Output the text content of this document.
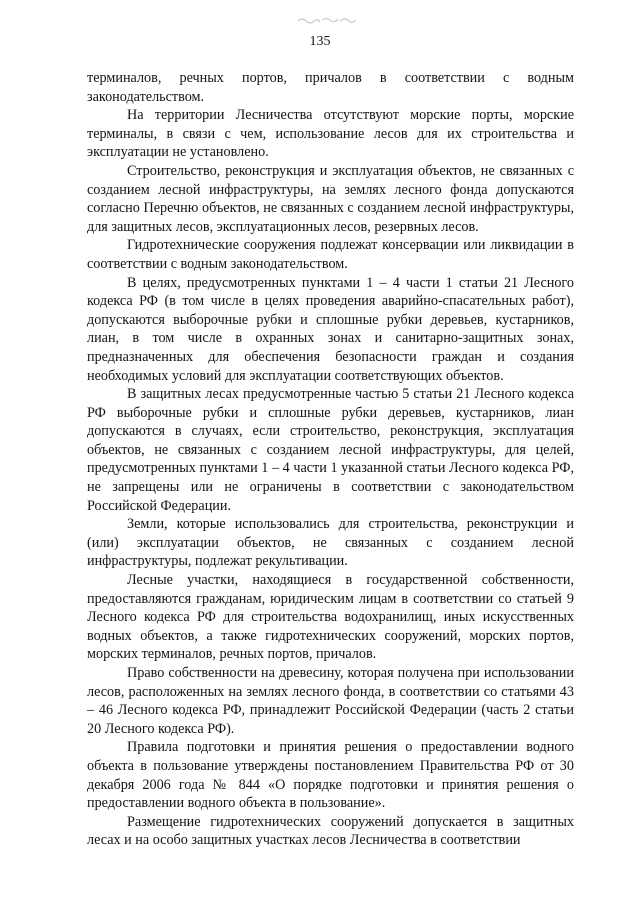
135

терминалов, речных портов, причалов в соответствии с водным законодательством.

На территории Лесничества отсутствуют морские порты, морские терминалы, в связи с чем, использование лесов для их строительства и эксплуатации не установлено.

Строительство, реконструкция и эксплуатация объектов, не связанных с созданием лесной инфраструктуры, на землях лесного фонда допускаются согласно Перечню объектов, не связанных с созданием лесной инфраструктуры, для защитных лесов, эксплуатационных лесов, резервных лесов.

Гидротехнические сооружения подлежат консервации или ликвидации в соответствии с водным законодательством.

В целях, предусмотренных пунктами 1 – 4 части 1 статьи 21 Лесного кодекса РФ (в том числе в целях проведения аварийно-спасательных работ), допускаются выборочные рубки и сплошные рубки деревьев, кустарников, лиан, в том числе в охранных зонах и санитарно-защитных зонах, предназначенных для обеспечения безопасности граждан и создания необходимых условий для эксплуатации соответствующих объектов.

В защитных лесах предусмотренные частью 5 статьи 21 Лесного кодекса РФ выборочные рубки и сплошные рубки деревьев, кустарников, лиан допускаются в случаях, если строительство, реконструкция, эксплуатация объектов, не связанных с созданием лесной инфраструктуры, для целей, предусмотренных пунктами 1 – 4 части 1 указанной статьи Лесного кодекса РФ, не запрещены или не ограничены в соответствии с законодательством Российской Федерации.

Земли, которые использовались для строительства, реконструкции и (или) эксплуатации объектов, не связанных с созданием лесной инфраструктуры, подлежат рекультивации.

Лесные участки, находящиеся в государственной собственности, предоставляются гражданам, юридическим лицам в соответствии со статьей 9 Лесного кодекса РФ для строительства водохранилищ, иных искусственных водных объектов, а также гидротехнических сооружений, морских портов, морских терминалов, речных портов, причалов.

Право собственности на древесину, которая получена при использовании лесов, расположенных на землях лесного фонда, в соответствии со статьями 43 – 46 Лесного кодекса РФ, принадлежит Российской Федерации (часть 2 статьи 20 Лесного кодекса РФ).

Правила подготовки и принятия решения о предоставлении водного объекта в пользование утверждены постановлением Правительства РФ от 30 декабря 2006 года № 844 «О порядке подготовки и принятия решения о предоставлении водного объекта в пользование».

Размещение гидротехнических сооружений допускается в защитных лесах и на особо защитных участках лесов Лесничества в соответствии
